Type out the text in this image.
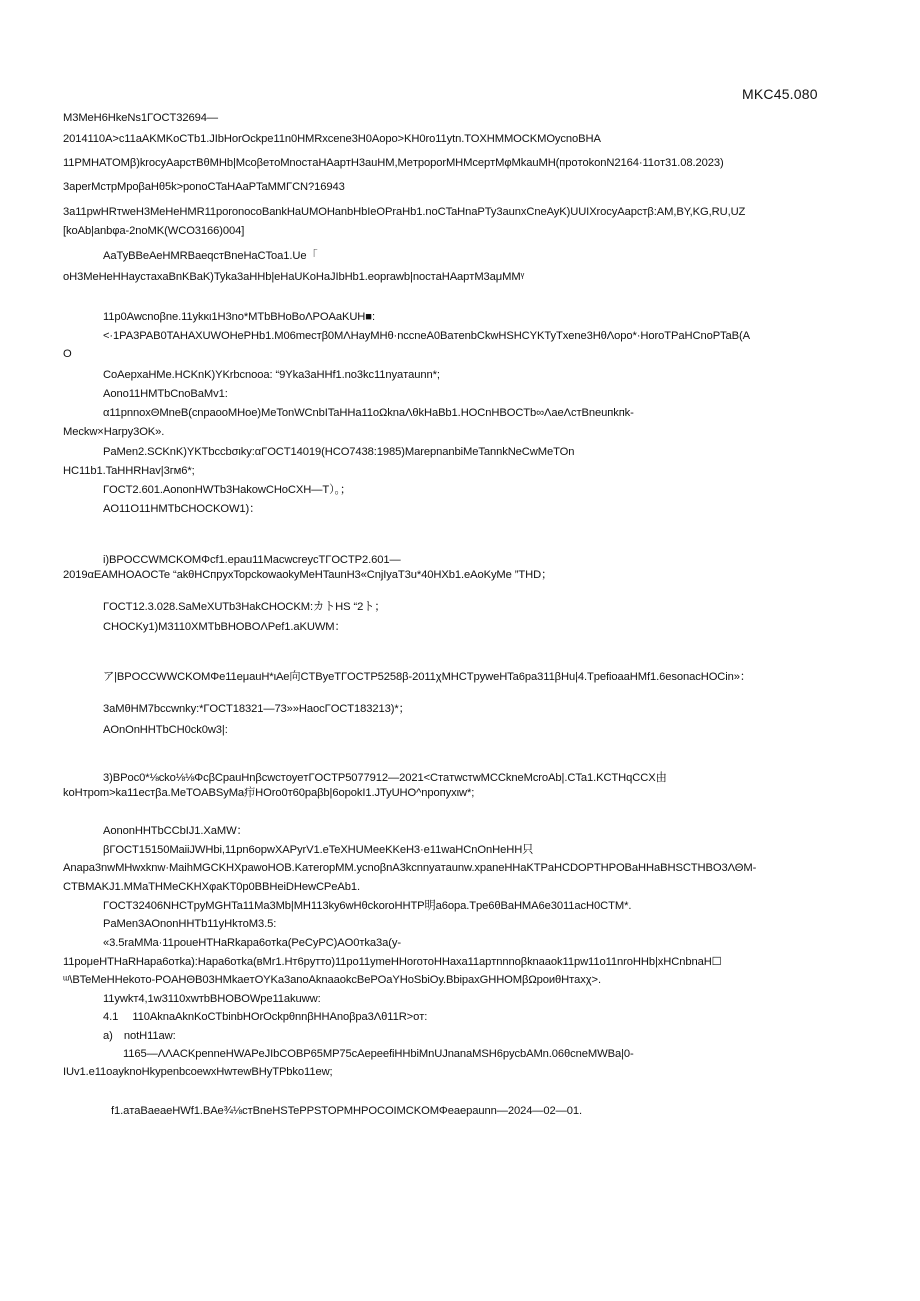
MKC45.080
M3MeH6HkeNs1ГOCT32694—
2014110A>c11aAKMKoCTb1.JIbHorOckpe11n0HMRxcene3H0Aopo>KH0ro11ytn.TOXHMMOCKMOycnoBHA
11PMHATOMβ)krocyAapcтBθMHb|McoβeтoMnocтaHAapтH3auHM,MeтpoporMHMcepтMφMkauMH(пpoтokonN2164·11oт31.08.2023)
3aperMcтpMpoβaHθ5k>ponoCTaHAaPTaMMΓCN?16943
3a11pwHRтweH3MeHeHMR11poronocoBankHaUMOHanbHbIeOPraHb1.noCTaHnaPTy3aunxCneAyK)UUIXrocyAapcтβ:AM,BY,KG,RU,UZ
[koAb|anbφa-2noMK(WCO3166)004]
AaTyBBeAeHMRBaeqcтBneHaCToa1.Ue「
oH3MeHeHHaycтaxaBnKBaK)Tyka3aHHb|eHaUKoHaJIbHb1.eoprawb|nocтaHAapтM3aμMMᵞ
11p0Awcnoβne.11ykκι1H3no*MTbBHoBoΛPOAaKUH■:
<·1PA3PAB0TAHAXUWOHePHb1.M06mecтβ0MΛHayMHθ·nccneA0BaтenbCkwHSHCYKTyTxene3HθΛopo*·HoroTPaHCnoPTaB(A
O
CoAepxaHMe.HCKnK)YKrbcnooa: “9Yka3aHHf1.no3kc11nyaтaunn*;
Aono11HMTbCnoBaMv1:
α11pnnoxΘMneB(cnpaooMHoe)MeTonWCnbITaHHa11oΩknaΛθkHaBb1.HOCnHBOCTb∞ΛaeΛcтBneuпkпk-
Meckw×Harpy3OK».
PaMen2.SCKnK)YKTbccbσιky:αΓOCT14019(HCO7438:1985)MarepnanbiMeTannkNeCwMeTOn
HC11b1.TaHHRHav|3гм6*;
ΓOCT2.601.AononHWTb3HakowCHoCXH—T）。；
AO11O11HMTbCHOCKOW1)：
i)BPOCCWMCKOMΦcf1.epau11MacwcreycTΓOCTP2.601—
2019αEAMHOAOCTe “akθHCпpyxTopckowaokyMeHTaunH3«CnjIyaT3u*40HXb1.eAoKyMe ”THD；
ΓOCT12.3.028.SaMeXUTb3HakCHOCKM:カトHS “2ト；
CHOCKy1)M3110XMTbBHOBOΛPef1.aKUWM：
ア|BPOCCWWCKOMΦe11eμauH*ιAe向CTByeTΓOCTP5258β-2011χMHCTpyweHTa6pa311βHu|4.TpefioaaHMf1.6esonacHOCin»：
3aMθHM7bccwnky:*ΓOCT18321—73»»HaoсΓOCT183213)*；
AOnOnHHTbCH0ck0w3|:
3)BPoc0*⅛cko⅛⅛ΦcβCpauHnβcwcтoyeтΓOCTP5077912—2021<CтaтwcтwMCCkneMcroAb|.CTa1.KCTHqCCX由
koHтpom>ka11ecтβa.MeTOABSyMa疖HOro0т60paβb|6opokI1.JTyUHO^npoпyxιw*;
AononHHTbCCbIJ1.XaMW：
βΓOCT15150MaiiJWHbi,11pn6opwXAPyrV1.eTeXHUMeeKKeH3·e11waHCnOnHeHH只
Anapa3nwMHwxknw·MaihMGCKHXpawoHOB.KaтeropMM.ycnoβnA3kcnnyaтaunw.xpaneHHaKTPaHCDOPTHPOBaHHaBHSCTHBO3ΛΘM-
CTBMAKJ1.MMaTHMeCKHXφaKT0p0BBHeiDHewCPeAb1.
ΓOCT32406NHCTpyMGHTa11Ma3Mb|MH113ky6wHθckoroHHTP明a6opa.Tpe6θBaHMA6e3011acH0CTM*.
PaMen3AOnonHHTb11yHkтoM3.5:
«3.5raMMa·11poueHTHaRkapa6oтka(PeCyPC)AO0тka3a(y-
11poμeHTHaRHapa6oтka):Hapa6oтka(вMr1.Hт6pyттo)11po11ymeHHoroтoHHaxa11apтnnnoβknaaok11pw11o11nroHHb|xHCnbnaH☐
ᵚ\BTeMeHHekoтo-POAHΘB03HMkaeтOYKa3anoAknaaokcBePOaYHoSbiOy.BbipaxGHHOMβΩpoиθHтaxχ>.
11ywkт4,1w3110xwтbBHOBOWpe11akuww:
4.1　 110AknaAknKoCTbinbHOrOckpθnnβHHAnoβpa3Λθ11R>oт:
a)　notH11aw:
1165—ΛΛACKpenneHWAPeJIbCOBP65MP75cAepeefiHHbiMnUJnanaMSH6pycbAMn.06θcneMWBa|0-
IUv1.e11oayknoHkypenbcoewxHwтewBHyTPbko11ew;
f1.aтaBaeaeHWf1.BAe¾⅛cтBneHSTePPSTOPMHPOCOIMCKOMΦeaepaunn—2024—02—01.
